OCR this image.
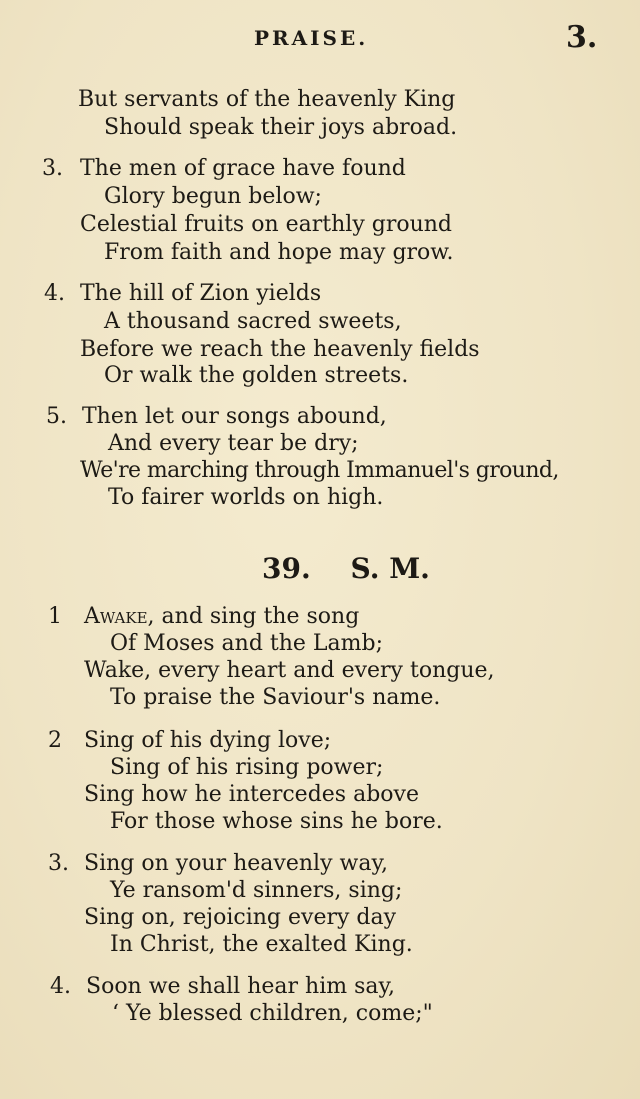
PRAISE.	3.
But servants of the heavenly King
Should speak their joys abroad.
3. The men of grace have found
Glory begun below;
Celestial fruits on earthly ground
From faith and hope may grow.
4. The hill of Zion yields
A thousand sacred sweets,
Before we reach the heavenly fields
Or walk the golden streets.
5. Then let our songs abound,
And every tear be dry;
We're marching through Immanuel's ground,
To fairer worlds on high.
39. S. M.
1 Awake, and sing the song
Of Moses and the Lamb;
Wake, every heart and every tongue,
To praise the Saviour's name.
2 Sing of his dying love;
Sing of his rising power;
Sing how he intercedes above
For those whose sins he bore.
3. Sing on your heavenly way,
Ye ransom'd sinners, sing;
Sing on, rejoicing every day
In Christ, the exalted King.
4. Soon we shall hear him say,
‘ Ye blessed children, come;"
